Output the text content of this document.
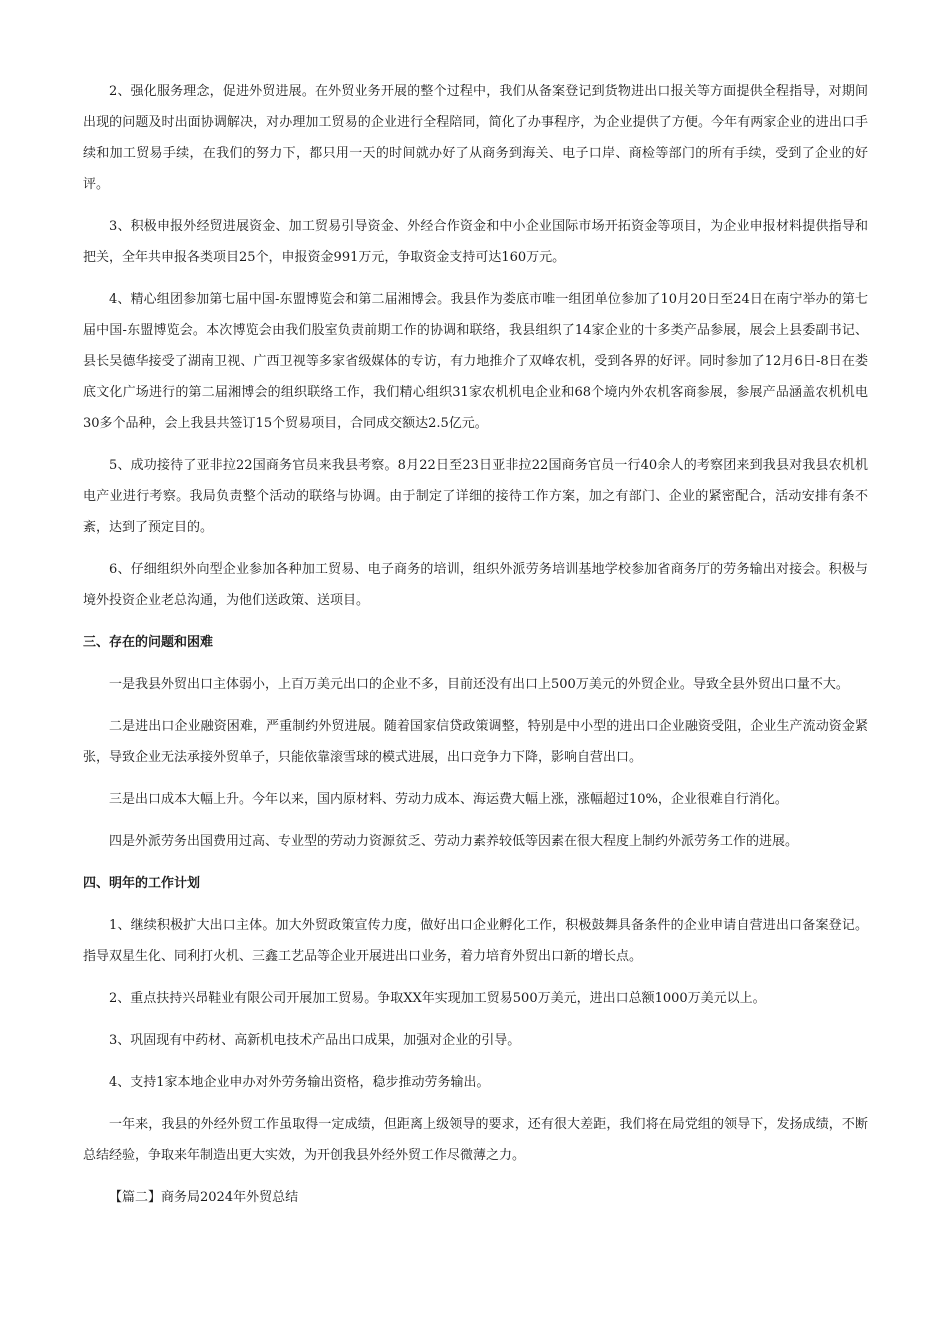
2、强化服务理念，促进外贸进展。在外贸业务开展的整个过程中，我们从备案登记到货物进出口报关等方面提供全程指导，对期间出现的问题及时出面协调解决，对办理加工贸易的企业进行全程陪同，简化了办事程序，为企业提供了方便。今年有两家企业的进出口手续和加工贸易手续，在我们的努力下，都只用一天的时间就办好了从商务到海关、电子口岸、商检等部门的所有手续，受到了企业的好评。

3、积极申报外经贸进展资金、加工贸易引导资金、外经合作资金和中小企业国际市场开拓资金等项目，为企业申报材料提供指导和把关，全年共申报各类项目25个，申报资金991万元，争取资金支持可达160万元。

4、精心组团参加第七届中国-东盟博览会和第二届湘博会。我县作为娄底市唯一组团单位参加了10月20日至24日在南宁举办的第七届中国-东盟博览会。本次博览会由我们股室负责前期工作的协调和联络，我县组织了14家企业的十多类产品参展，展会上县委副书记、县长吴德华接受了湖南卫视、广西卫视等多家省级媒体的专访，有力地推介了双峰农机，受到各界的好评。同时参加了12月6日-8日在娄底文化广场进行的第二届湘博会的组织联络工作，我们精心组织31家农机机电企业和68个境内外农机客商参展，参展产品涵盖农机机电30多个品种，会上我县共签订15个贸易项目，合同成交额达2.5亿元。

5、成功接待了亚非拉22国商务官员来我县考察。8月22日至23日亚非拉22国商务官员一行40余人的考察团来到我县对我县农机机电产业进行考察。我局负责整个活动的联络与协调。由于制定了详细的接待工作方案，加之有部门、企业的紧密配合，活动安排有条不紊，达到了预定目的。

6、仔细组织外向型企业参加各种加工贸易、电子商务的培训，组织外派劳务培训基地学校参加省商务厅的劳务输出对接会。积极与境外投资企业老总沟通，为他们送政策、送项目。

三、存在的问题和困难

一是我县外贸出口主体弱小，上百万美元出口的企业不多，目前还没有出口上500万美元的外贸企业。导致全县外贸出口量不大。

二是进出口企业融资困难，严重制约外贸进展。随着国家信贷政策调整，特别是中小型的进出口企业融资受阻，企业生产流动资金紧张，导致企业无法承接外贸单子，只能依靠滚雪球的模式进展，出口竞争力下降，影响自营出口。

三是出口成本大幅上升。今年以来，国内原材料、劳动力成本、海运费大幅上涨，涨幅超过10%，企业很难自行消化。

四是外派劳务出国费用过高、专业型的劳动力资源贫乏、劳动力素养较低等因素在很大程度上制约外派劳务工作的进展。

四、明年的工作计划

1、继续积极扩大出口主体。加大外贸政策宣传力度，做好出口企业孵化工作，积极鼓舞具备条件的企业申请自营进出口备案登记。指导双星生化、同利打火机、三鑫工艺品等企业开展进出口业务，着力培育外贸出口新的增长点。

2、重点扶持兴昂鞋业有限公司开展加工贸易。争取XX年实现加工贸易500万美元，进出口总额1000万美元以上。

3、巩固现有中药材、高新机电技术产品出口成果，加强对企业的引导。

4、支持1家本地企业申办对外劳务输出资格，稳步推动劳务输出。

一年来，我县的外经外贸工作虽取得一定成绩，但距离上级领导的要求，还有很大差距，我们将在局党组的领导下，发扬成绩，不断总结经验，争取来年制造出更大实效，为开创我县外经外贸工作尽微薄之力。

【篇二】商务局2024年外贸总结
